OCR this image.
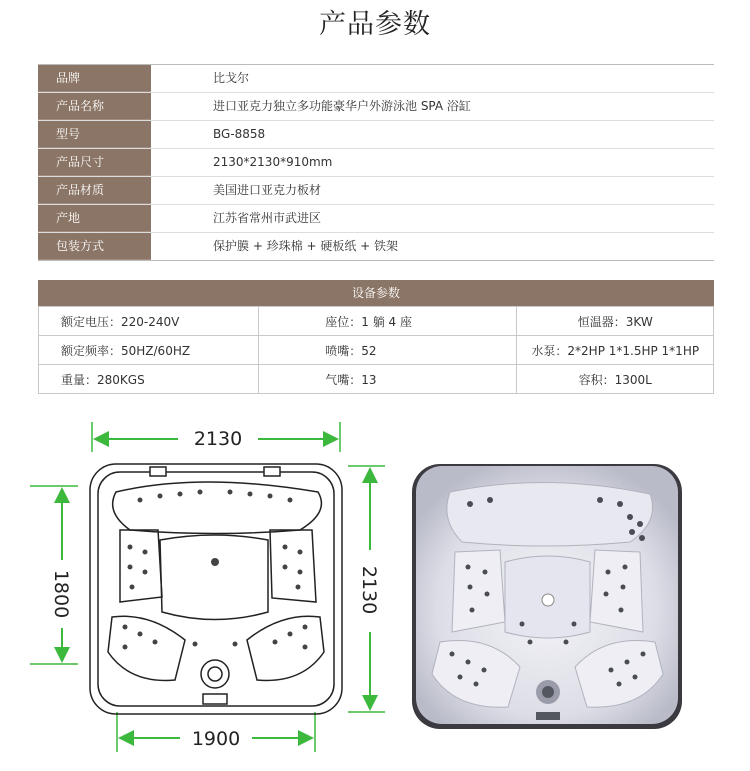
产品参数
品牌	比戈尔
产品名称	进口亚克力独立多功能豪华户外游泳池 SPA 浴缸
型号	BG-8858
产品尺寸	2130*2130*910mm
产品材质	美国进口亚克力板材
产地	江苏省常州市武进区
包装方式	保护膜 + 珍珠棉 + 硬板纸 + 铁架
设备参数
额定电压：220-240V	座位：1 躺 4 座	恒温器：3KW
额定频率：50HZ/60HZ	喷嘴：52	水泵：2*2HP 1*1.5HP 1*1HP
重量：280KGS	气嘴：13	容积：1300L
2130
1800	2130
1900
